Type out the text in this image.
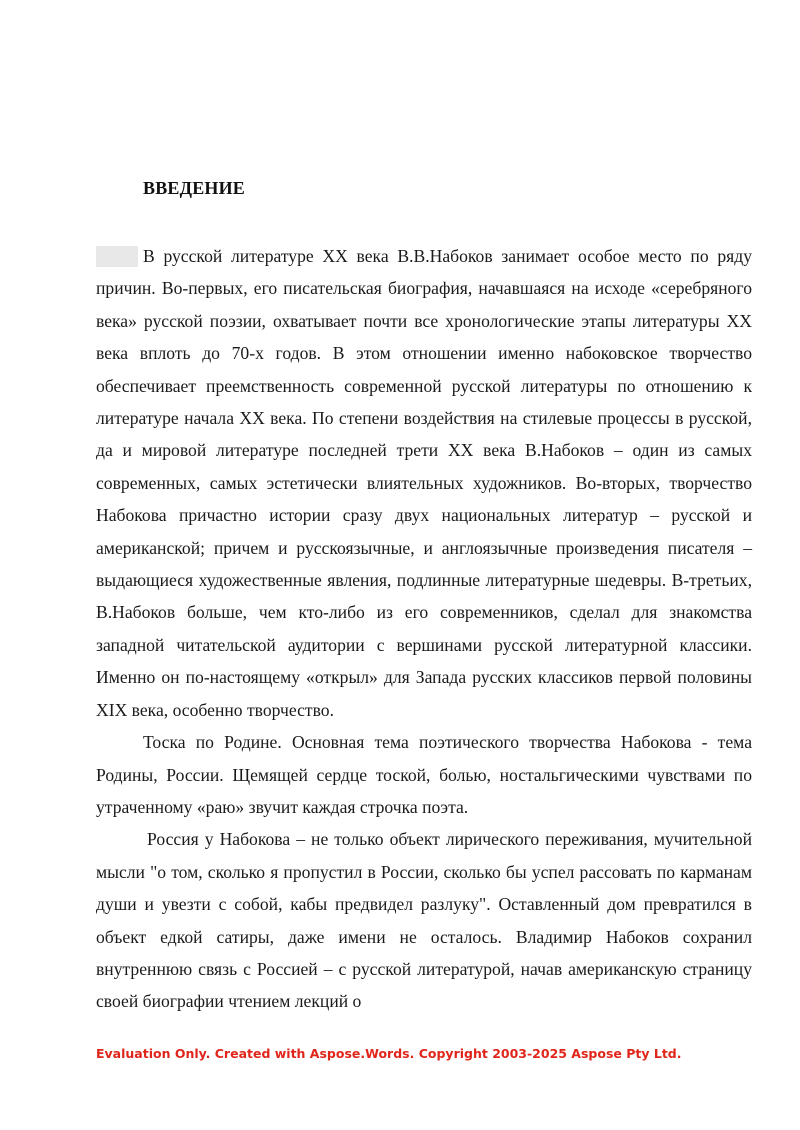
ВВЕДЕНИЕ

В русской литературе ХХ века В.В.Набоков занимает особое место по ряду причин. Во-первых, его писательская биография, начавшаяся на исходе «серебряного века» русской поэзии, охватывает почти все хронологические этапы литературы ХХ века вплоть до 70-х годов. В этом отношении именно набоковское творчество обеспечивает преемственность современной русской литературы по отношению к литературе начала ХХ века. По степени воздействия на стилевые процессы в русской, да и мировой литературе последней трети ХХ века В.Набоков – один из самых современных, самых эстетически влиятельных художников. Во-вторых, творчество Набокова причастно истории сразу двух национальных литератур – русской и американской; причем и русскоязычные, и англоязычные произведения писателя – выдающиеся художественные явления, подлинные литературные шедевры. В-третьих, В.Набоков больше, чем кто-либо из его современников, сделал для знакомства западной читательской аудитории с вершинами русской литературной классики. Именно он по-настоящему «открыл» для Запада русских классиков первой половины XIX века, особенно творчество.

Тоска по Родине. Основная тема поэтического творчества Набокова - тема Родины, России. Щемящей сердце тоской, болью, ностальгическими чувствами по утраченному «раю» звучит каждая строчка поэта.

Россия у Набокова – не только объект лирического переживания, мучительной мысли "о том, сколько я пропустил в России, сколько бы успел рассовать по карманам души и увезти с собой, кабы предвидел разлуку". Оставленный дом превратился в объект едкой сатиры, даже имени не осталось. Владимир Набоков сохранил внутреннюю связь с Россией – с русской литературой, начав американскую страницу своей биографии чтением лекций о

Evaluation Only. Created with Aspose.Words. Copyright 2003-2025 Aspose Pty Ltd.
